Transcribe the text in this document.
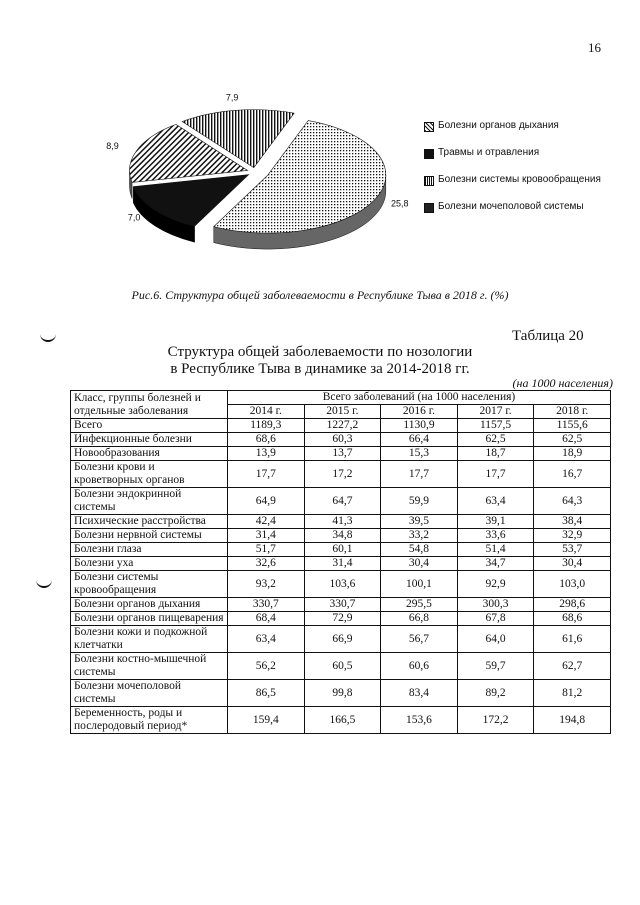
16
25,8
7,0
8,9
7,9
Болезни органов дыхания
Травмы и отравления
Болезни системы кровообращения
Болезни мочеполовой системы
Рис.6. Структура общей заболеваемости в Республике Тыва в 2018 г. (%)
Таблица 20
Структура общей заболеваемости по нозологии
в Республике Тыва в динамике за 2014-2018 гг.
(на 1000 населения)
Класс, группы болезней и отдельные заболевания	Всего заболеваний (на 1000 населения)				
	2014 г.	2015 г.	2016 г.	2017 г.	2018 г.
Всего	1189,3	1227,2	1130,9	1157,5	1155,6
Инфекционные болезни	68,6	60,3	66,4	62,5	62,5
Новообразования	13,9	13,7	15,3	18,7	18,9
Болезни крови и кроветворных органов	17,7	17,2	17,7	17,7	16,7
Болезни эндокринной системы	64,9	64,7	59,9	63,4	64,3
Психические расстройства	42,4	41,3	39,5	39,1	38,4
Болезни нервной системы	31,4	34,8	33,2	33,6	32,9
Болезни глаза	51,7	60,1	54,8	51,4	53,7
Болезни уха	32,6	31,4	30,4	34,7	30,4
Болезни системы кровообращения	93,2	103,6	100,1	92,9	103,0
Болезни органов дыхания	330,7	330,7	295,5	300,3	298,6
Болезни органов пищеварения	68,4	72,9	66,8	67,8	68,6
Болезни кожи и подкожной клетчатки	63,4	66,9	56,7	64,0	61,6
Болезни костно-мышечной системы	56,2	60,5	60,6	59,7	62,7
Болезни мочеполовой системы	86,5	99,8	83,4	89,2	81,2
Беременность, роды и послеродовый период*	159,4	166,5	153,6	172,2	194,8
